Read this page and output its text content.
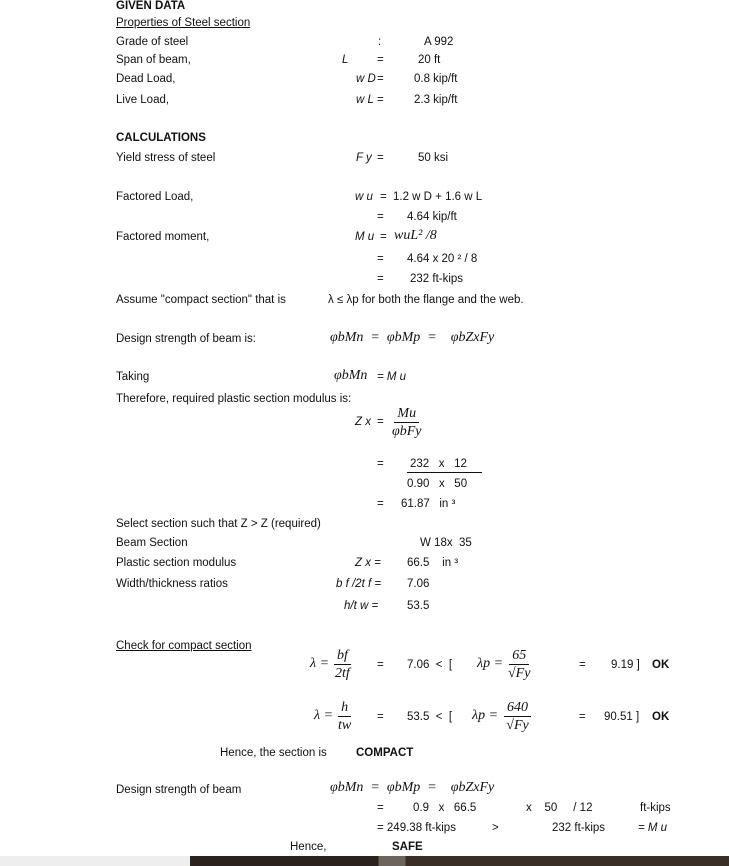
GIVEN DATA
Properties of Steel section
Grade of steel	:	A 992
Span of beam,	L =	20 ft
Dead Load,	w D =	0.8 kip/ft
Live Load,	w L =	2.3 kip/ft
CALCULATIONS
Yield stress of steel	F y =	50 ksi
Factored Load,	w u = 1.2 w D + 1.6 w L
= 4.64 kip/ft
Factored moment,	M u = wuL² /8
= 4.64 x 20 ² / 8
= 232 ft-kips
Assume "compact section" that is	λ ≤ λp for both the flange and the web.
Design strength of beam is:	φbMn  =  φbMp  =    φbZxFy
Taking	φbMn = M u
Therefore, required plastic section modulus is:
Z x =
Mu
φbFy
= 232   x   12
0.90   x   50
= 61.87   in ³
Select section such that Z > Z (required)
Beam Section	W 18x  35
Plastic section modulus	Z x = 66.5    in ³
Width/thickness ratios	b f /2t f = 7.06
h/t w =	53.5
Check for compact section
$\lambda = \frac{bf}{2tf} = 7.06$  <  [ $\lambda p = \frac{65}{√Fy}$	= 9.19 ] OK
$\lambda = \frac{h}{tw} = 53.5$  <  [ $\lambda p = \frac{640}{√Fy}$	= 90.51 ] OK
Hence, the section is	COMPACT
Design strength of beam	φbMn  =  φbMp  =    φbZxFy
=	0.9   x   66.5	x    50     / 12	ft-kips
= 249.38 ft-kips	>	232 ft-kips	= M u
Hence,	SAFE
